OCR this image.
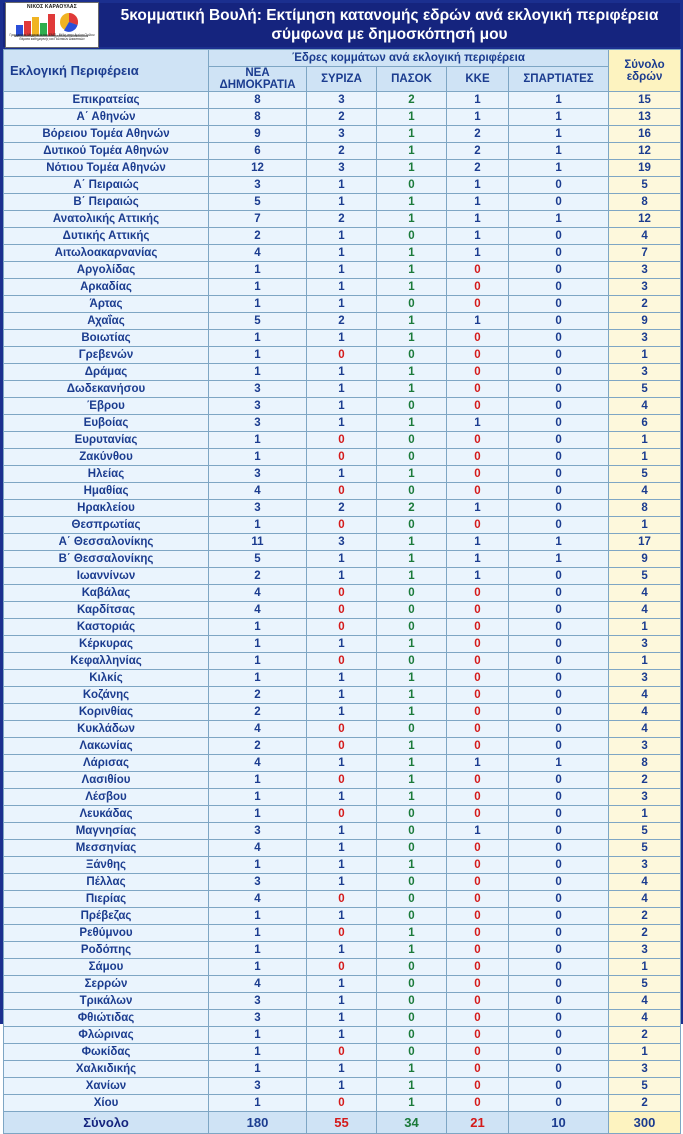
ΝΙΚΟΣ ΚΑΡΑΟΥΛΑΣ
Γραμματέας Μηχανικός του ΕΜΠ - Μέλη στην Αμύνα Ομίλου Θέματα καθημερινής και Πολιτικών Δικαστικών
5κομματική Βουλή: Εκτίμηση κατανομής εδρών ανά εκλογική περιφέρεια σύμφωνα με δημοσκόπησή μου
Εκλογική Περιφέρεια	Έδρες κομμάτων ανά εκλογική περιφέρεια					Σύνολο εδρών
	ΝΕΑ ΔΗΜΟΚΡΑΤΙΑ	ΣΥΡΙΖΑ	ΠΑΣΟΚ	ΚΚΕ	ΣΠΑΡΤΙΑΤΕΣ	
Επικρατείας	8	3	2	1	1	15
Α΄ Αθηνών	8	2	1	1	1	13
Βόρειου Τομέα Αθηνών	9	3	1	2	1	16
Δυτικού Τομέα Αθηνών	6	2	1	2	1	12
Νότιου Τομέα Αθηνών	12	3	1	2	1	19
Α΄ Πειραιώς	3	1	0	1	0	5
Β΄ Πειραιώς	5	1	1	1	0	8
Ανατολικής Αττικής	7	2	1	1	1	12
Δυτικής Αττικής	2	1	0	1	0	4
Αιτωλοακαρνανίας	4	1	1	1	0	7
Αργολίδας	1	1	1	0	0	3
Αρκαδίας	1	1	1	0	0	3
Άρτας	1	1	0	0	0	2
Αχαΐας	5	2	1	1	0	9
Βοιωτίας	1	1	1	0	0	3
Γρεβενών	1	0	0	0	0	1
Δράμας	1	1	1	0	0	3
Δωδεκανήσου	3	1	1	0	0	5
Έβρου	3	1	0	0	0	4
Ευβοίας	3	1	1	1	0	6
Ευρυτανίας	1	0	0	0	0	1
Ζακύνθου	1	0	0	0	0	1
Ηλείας	3	1	1	0	0	5
Ημαθίας	4	0	0	0	0	4
Ηρακλείου	3	2	2	1	0	8
Θεσπρωτίας	1	0	0	0	0	1
Α΄ Θεσσαλονίκης	11	3	1	1	1	17
Β΄ Θεσσαλονίκης	5	1	1	1	1	9
Ιωαννίνων	2	1	1	1	0	5
Καβάλας	4	0	0	0	0	4
Καρδίτσας	4	0	0	0	0	4
Καστοριάς	1	0	0	0	0	1
Κέρκυρας	1	1	1	0	0	3
Κεφαλληνίας	1	0	0	0	0	1
Κιλκίς	1	1	1	0	0	3
Κοζάνης	2	1	1	0	0	4
Κορινθίας	2	1	1	0	0	4
Κυκλάδων	4	0	0	0	0	4
Λακωνίας	2	0	1	0	0	3
Λάρισας	4	1	1	1	1	8
Λασιθίου	1	0	1	0	0	2
Λέσβου	1	1	1	0	0	3
Λευκάδας	1	0	0	0	0	1
Μαγνησίας	3	1	0	1	0	5
Μεσσηνίας	4	1	0	0	0	5
Ξάνθης	1	1	1	0	0	3
Πέλλας	3	1	0	0	0	4
Πιερίας	4	0	0	0	0	4
Πρέβεζας	1	1	0	0	0	2
Ρεθύμνου	1	0	1	0	0	2
Ροδόπης	1	1	1	0	0	3
Σάμου	1	0	0	0	0	1
Σερρών	4	1	0	0	0	5
Τρικάλων	3	1	0	0	0	4
Φθιώτιδας	3	1	0	0	0	4
Φλώρινας	1	1	0	0	0	2
Φωκίδας	1	0	0	0	0	1
Χαλκιδικής	1	1	1	0	0	3
Χανίων	3	1	1	0	0	5
Χίου	1	0	1	0	0	2
Σύνολο	180	55	34	21	10	300
